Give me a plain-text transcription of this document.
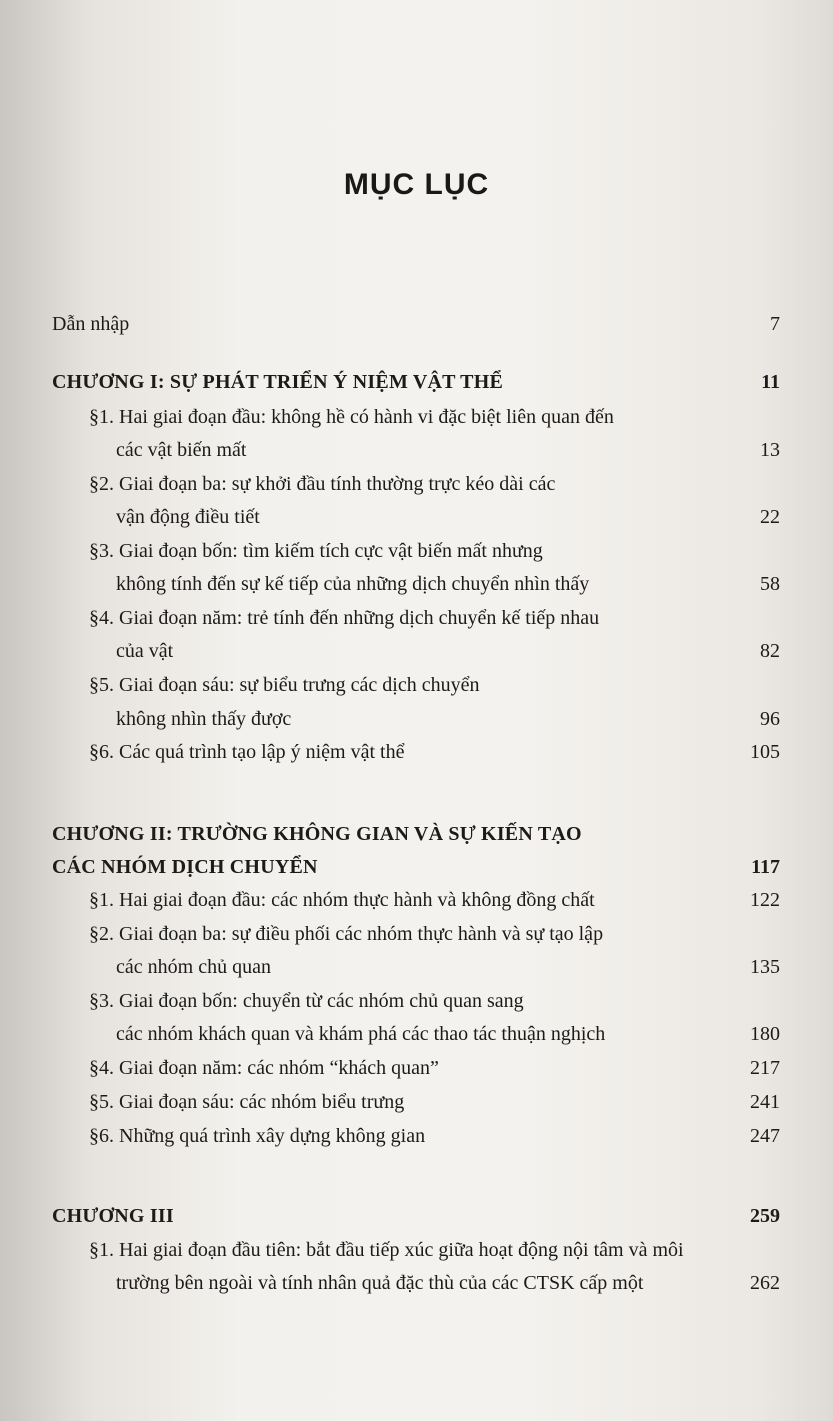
MỤC LỤC
Dẫn nhập	7
CHƯƠNG I: SỰ PHÁT TRIỂN Ý NIỆM VẬT THỂ	11
§1. Hai giai đoạn đầu: không hề có hành vi đặc biệt liên quan đến
các vật biến mất	13
§2. Giai đoạn ba: sự khởi đầu tính thường trực kéo dài các
vận động điều tiết	22
§3. Giai đoạn bốn: tìm kiếm tích cực vật biến mất nhưng
không tính đến sự kế tiếp của những dịch chuyển nhìn thấy	58
§4. Giai đoạn năm: trẻ tính đến những dịch chuyển kế tiếp nhau
của vật	82
§5. Giai đoạn sáu: sự biểu trưng các dịch chuyển
không nhìn thấy được	96
§6. Các quá trình tạo lập ý niệm vật thể	105
CHƯƠNG II: TRƯỜNG KHÔNG GIAN VÀ SỰ KIẾN TẠO
CÁC NHÓM DỊCH CHUYỂN	117
§1. Hai giai đoạn đầu: các nhóm thực hành và không đồng chất	122
§2. Giai đoạn ba: sự điều phối các nhóm thực hành và sự tạo lập
các nhóm chủ quan	135
§3. Giai đoạn bốn: chuyển từ các nhóm chủ quan sang
các nhóm khách quan và khám phá các thao tác thuận nghịch	180
§4. Giai đoạn năm: các nhóm “khách quan”	217
§5. Giai đoạn sáu: các nhóm biểu trưng	241
§6. Những quá trình xây dựng không gian	247
CHƯƠNG III	259
§1. Hai giai đoạn đầu tiên: bắt đầu tiếp xúc giữa hoạt động nội tâm và môi
trường bên ngoài và tính nhân quả đặc thù của các CTSK cấp một	262
